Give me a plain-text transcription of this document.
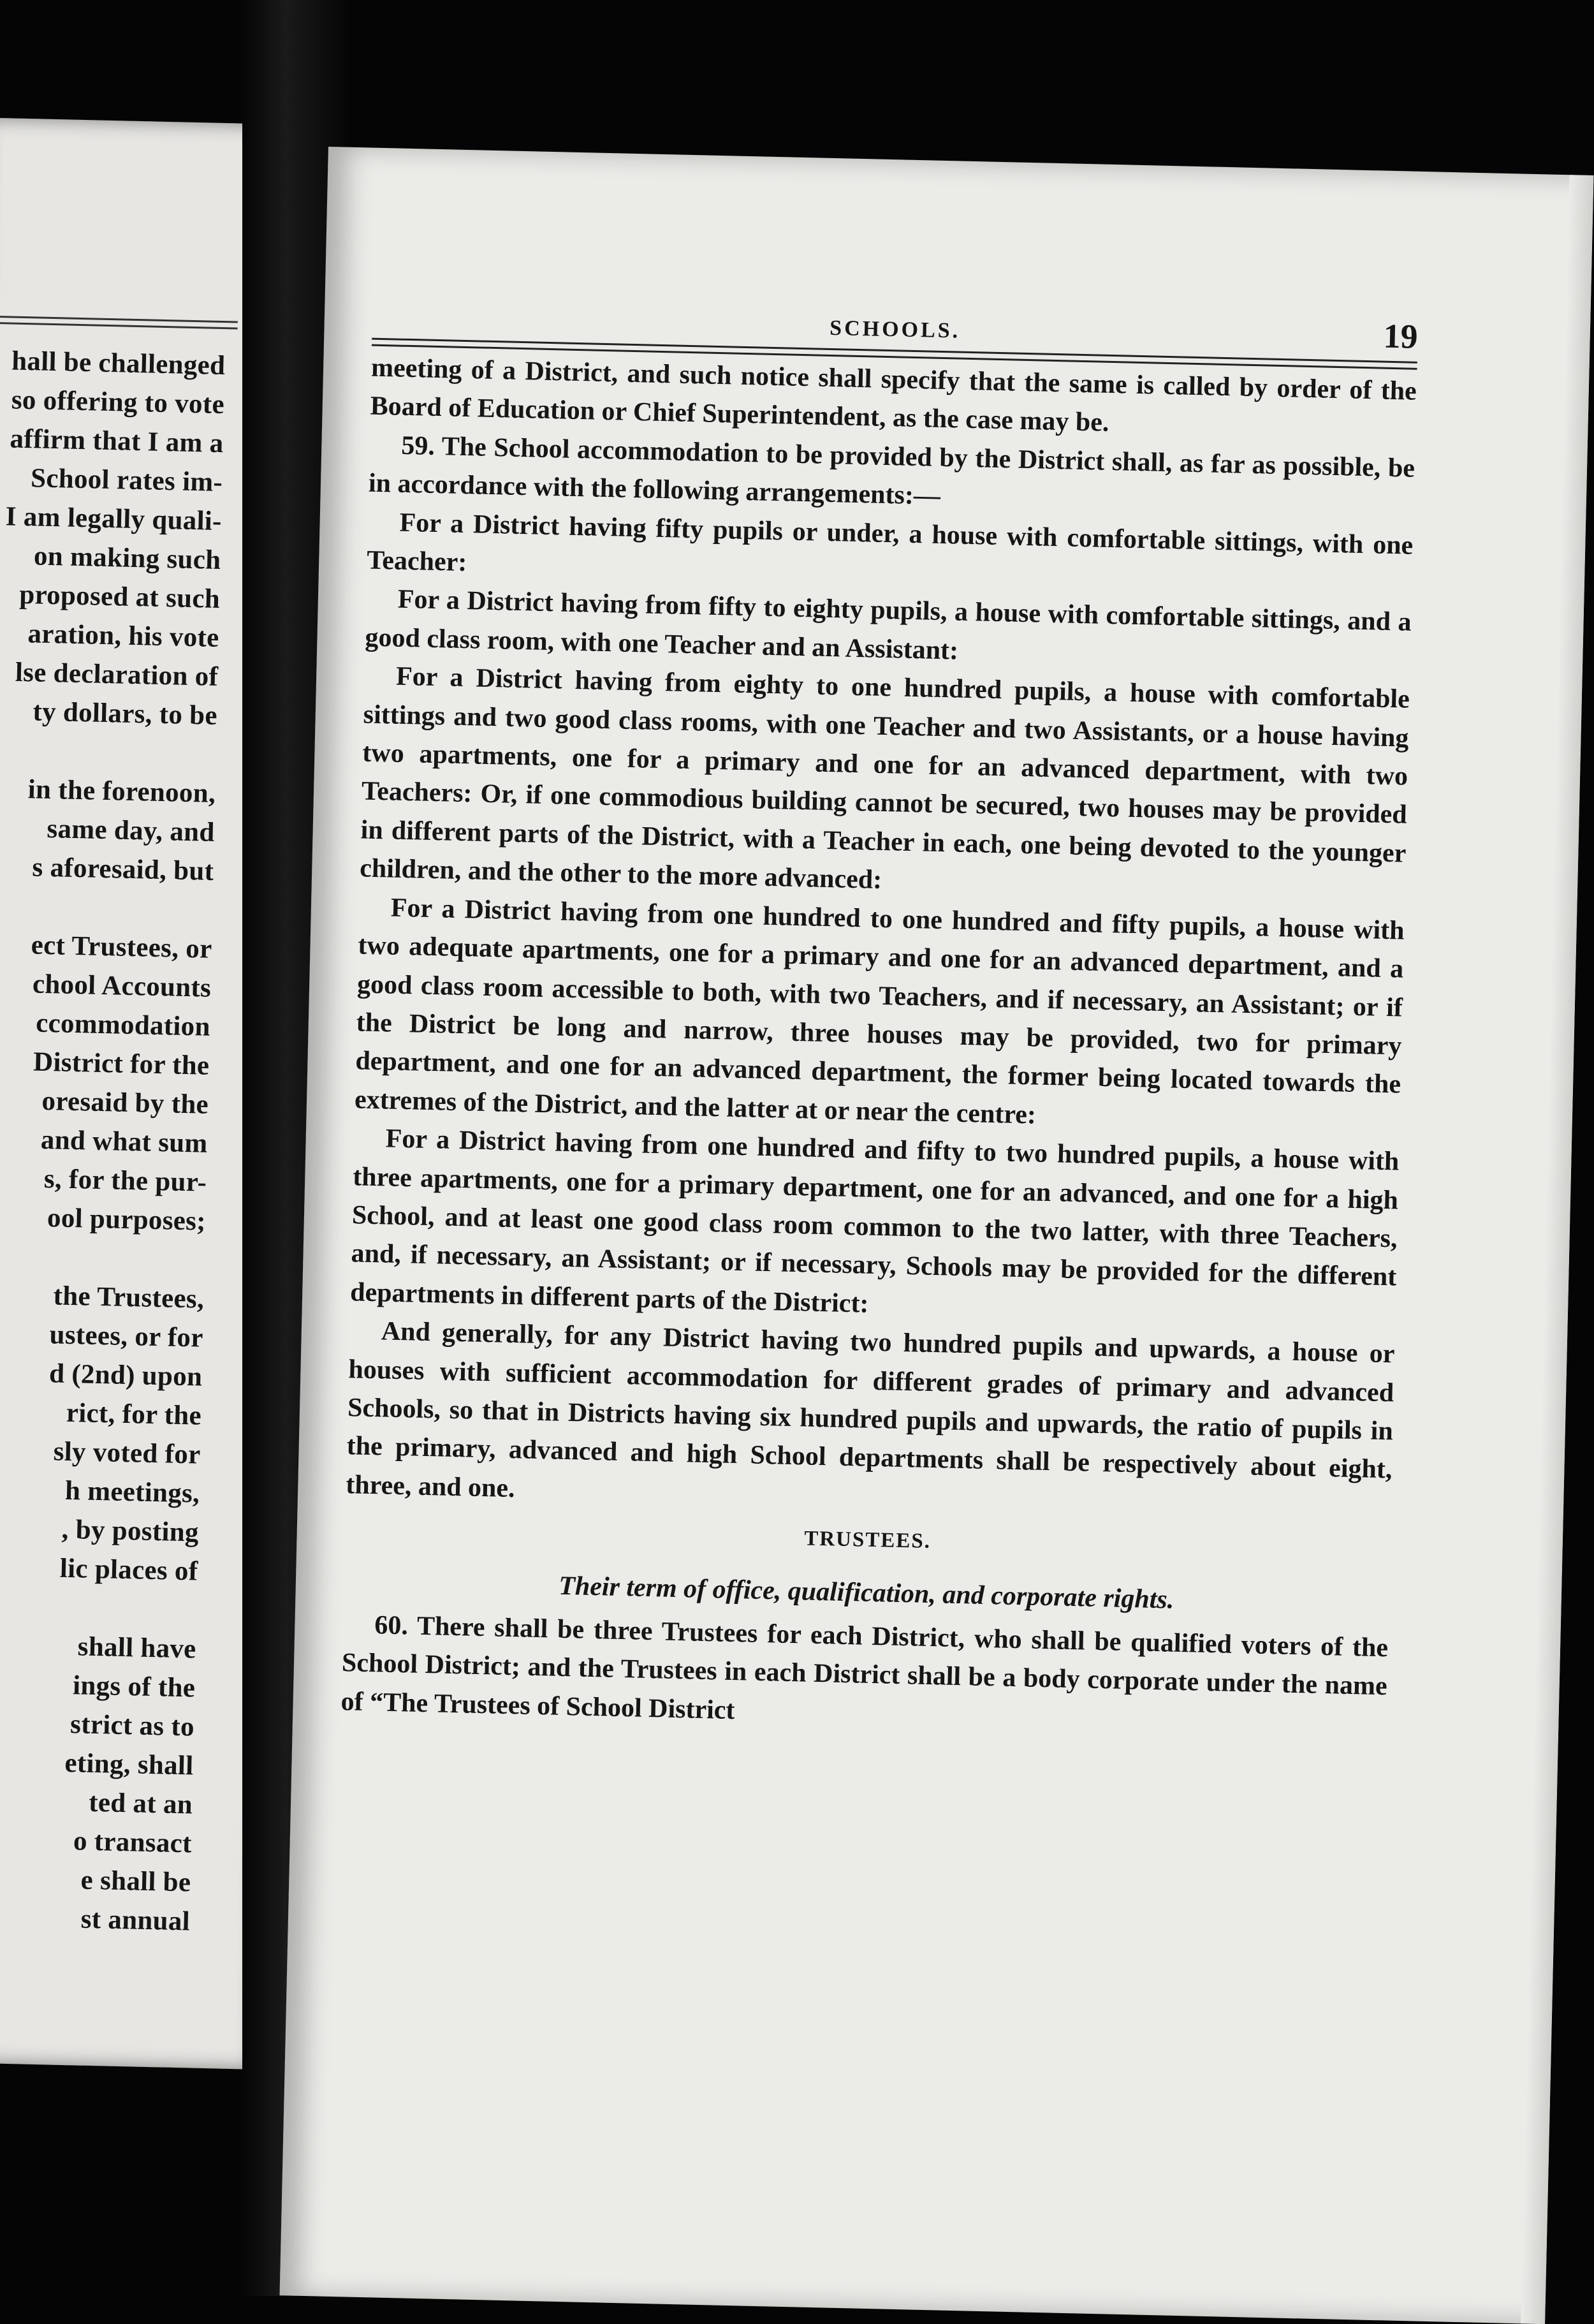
hall be challenged
so offering to vote
affirm that I am a
School rates im-
I am legally quali-
on making such
proposed at such
aration, his vote
lse declaration of
ty dollars, to be
in the forenoon,
same day, and
s aforesaid, but
ect Trustees, or
chool Accounts
ccommodation
District for the
oresaid by the
and what sum
s, for the pur-
ool purposes;
the Trustees,
ustees, or for
d (2nd) upon
rict, for the
sly voted for
h meetings,
, by posting
lic places of
shall have
ings of the
strict as to
eting, shall
ted at an
o transact
e shall be
st annual
SCHOOLS.	19

meeting of a District, and such notice shall specify that the same is called by order of the Board of Education or Chief Superintendent, as the case may be.

59. The School accommodation to be provided by the District shall, as far as possible, be in accordance with the following arrangements:—

For a District having fifty pupils or under, a house with comfortable sittings, with one Teacher:

For a District having from fifty to eighty pupils, a house with comfortable sittings, and a good class room, with one Teacher and an Assistant:

For a District having from eighty to one hundred pupils, a house with comfortable sittings and two good class rooms, with one Teacher and two Assistants, or a house having two apartments, one for a primary and one for an advanced department, with two Teachers: Or, if one commodious building cannot be secured, two houses may be provided in different parts of the District, with a Teacher in each, one being devoted to the younger children, and the other to the more advanced:

For a District having from one hundred to one hundred and fifty pupils, a house with two adequate apartments, one for a primary and one for an advanced department, and a good class room accessible to both, with two Teachers, and if necessary, an Assistant; or if the District be long and narrow, three houses may be provided, two for primary department, and one for an advanced department, the former being located towards the extremes of the District, and the latter at or near the centre:

For a District having from one hundred and fifty to two hundred pupils, a house with three apartments, one for a primary department, one for an advanced, and one for a high School, and at least one good class room common to the two latter, with three Teachers, and, if necessary, an Assistant; or if necessary, Schools may be provided for the different departments in different parts of the District:

And generally, for any District having two hundred pupils and upwards, a house or houses with sufficient accommodation for different grades of primary and advanced Schools, so that in Districts having six hundred pupils and upwards, the ratio of pupils in the primary, advanced and high School departments shall be respectively about eight, three, and one.

TRUSTEES.
Their term of office, qualification, and corporate rights.

60. There shall be three Trustees for each District, who shall be qualified voters of the School District; and the Trustees in each District shall be a body corporate under the name of “The Trustees of School District
